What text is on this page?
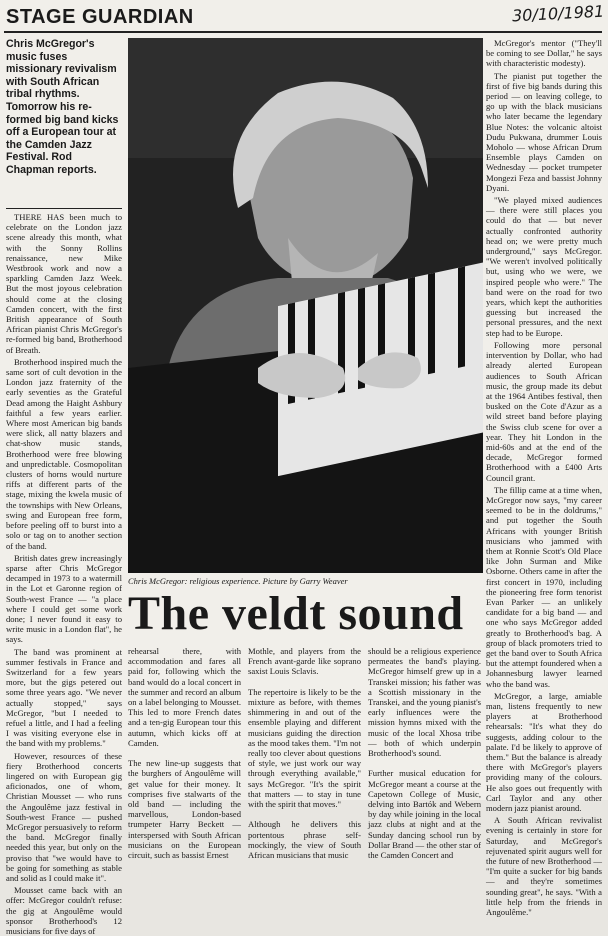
STAGE GUARDIAN	30/10/1981
Chris McGregor's music fuses missionary revivalism with South African tribal rhythms. Tomorrow his re-formed big band kicks off a European tour at the Camden Jazz Festival. Rod Chapman reports.

THERE HAS been much to celebrate on the London jazz scene already this month, what with the Sonny Rollins renaissance, new Mike Westbrook work and now a sparkling Camden Jazz Week. But the most joyous celebration should come at the closing Camden concert, with the first British appearance of South African pianist Chris McGregor's re-formed big band, Brotherhood of Breath.

Brotherhood inspired much the same sort of cult devotion in the London jazz fraternity of the early seventies as the Grateful Dead among the Haight Ashbury faithful a few years earlier. Where most American big bands were slick, all natty blazers and chat-show music stands, Brotherhood were free blowing and unpredictable. Cosmopolitan clusters of horns would nurture riffs at different parts of the stage, mixing the kwela music of the townships with New Orleans, swing and European free form, before peeling off to burst into a solo or tag on to another section of the band.

British dates grew increasingly sparse after Chris McGregor decamped in 1973 to a watermill in the Lot et Garonne region of South-west France — "a place where I could get some work done; I never found it easy to write music in a London flat", he says.

The band was prominent at summer festivals in France and Switzerland for a few years more, but the gigs petered out some three years ago. "We never actually stopped," says McGregor, "but I needed to refuel a little, and I had a feeling I was visiting everyone else in the band with my problems."

However, resources of these fiery Brotherhood concerts lingered on with European gig aficionados, one of whom, Christian Mousset — who runs the Angoulême jazz festival in South-west France — pushed McGregor persuasively to reform the band. McGregor finally needed this year, but only on the proviso that "we would have to be going for something as stable and solid as I could make it".

Mousset came back with an offer: McGregor couldn't refuse: the gig at Angoulême would sponsor Brotherhood's 12 musicians for five days of

Chris McGregor: religious experience. Picture by Garry Weaver
The veldt sound

McGregor's mentor ("They'll be coming to see Dollar," he says with characteristic modesty).

The pianist put together the first of five big bands during this period — on leaving college, to go up with the black musicians who later became the legendary Blue Notes: the volcanic altoist Dudu Pukwana, drummer Louis Moholo — whose African Drum Ensemble plays Camden on Wednesday — pocket trumpeter Mongezi Feza and bassist Johnny Dyani.

"We played mixed audiences — there were still places you could do that — but never actually confronted authority head on; we were pretty much underground," says McGregor. "We weren't involved politically but, using who we were, we inspired people who were." The band were on the road for two years, which kept the authorities guessing but increased the personal pressures, and the next step had to be Europe.

Following more personal intervention by Dollar, who had already alerted European audiences to South African music, the group made its debut at the 1964 Antibes festival, then busked on the Cote d'Azur as a wild street band before playing the Swiss club scene for over a year. They hit London in the mid-60s and at the end of the decade, McGregor formed Brotherhood with a £400 Arts Council grant.

The fillip came at a time when, McGregor now says, "my career seemed to be in the doldrums," and put together the South Africans with younger British musicians who jammed with them at Ronnie Scott's Old Place like John Surman and Mike Osborne. Others came in after the first concert in 1970, including the pioneering free form tenorist Evan Parker — an unlikely candidate for a big band — and one who says McGregor added greatly to Brotherhood's bag. A group of black promoters tried to get the band over to South Africa but the attempt foundered when a Johannesburg lawyer learned who the band was.

McGregor, a large, amiable man, listens frequently to new players at Brotherhood rehearsals: "It's what they do suggests, adding colour to the palate. I'd be likely to approve of them." But the balance is already there with McGregor's players providing many of the colours. He also goes out frequently with Carl Taylor and any other modern jazz pianist around.

A South African revivalist evening is certainly in store for Saturday, and McGregor's rejuvenated spirit augurs well for the future of new Brotherhood — "I'm quite a sucker for big bands — and they're sometimes sounding great", he says. "With a little help from the friends in Angoulême."

rehearsal there, with accommodation and fares all paid for, following which the band would do a local concert in the summer and record an album on a label belonging to Mousset. This led to more French dates and a ten-gig European tour this autumn, which kicks off at Camden.

The new line-up suggests that the burghers of Angoulême will get value for their money. It comprises five stalwarts of the old band — including the marvellous, London-based trumpeter Harry Beckett — interspersed with South African musicians on the European circuit, such as bassist Ernest
Mothle, and players from the French avant-garde like soprano saxist Louis Sclavis.

The repertoire is likely to be the mixture as before, with themes shimmering in and out of the ensemble playing and different musicians guiding the direction as the mood takes them. "I'm not really too clever about questions of style, we just work our way through everything available," says McGregor. "It's the spirit that matters — to stay in tune with the spirit that moves."

Although he delivers this portentous phrase self-mockingly, the view of South African musicians that music
should be a religious experience permeates the band's playing. McGregor himself grew up in a Transkei mission; his father was a Scottish missionary in the Transkei, and the young pianist's early influences were the mission hymns mixed with the music of the local Xhosa tribe — both of which underpin Brotherhood's sound.

Further musical education for McGregor meant a course at the Capetown College of Music, delving into Bartók and Webern by day while joining in the local jazz clubs at night and at the Sunday dancing school run by Dollar Brand — the other star of the Camden Concert and
